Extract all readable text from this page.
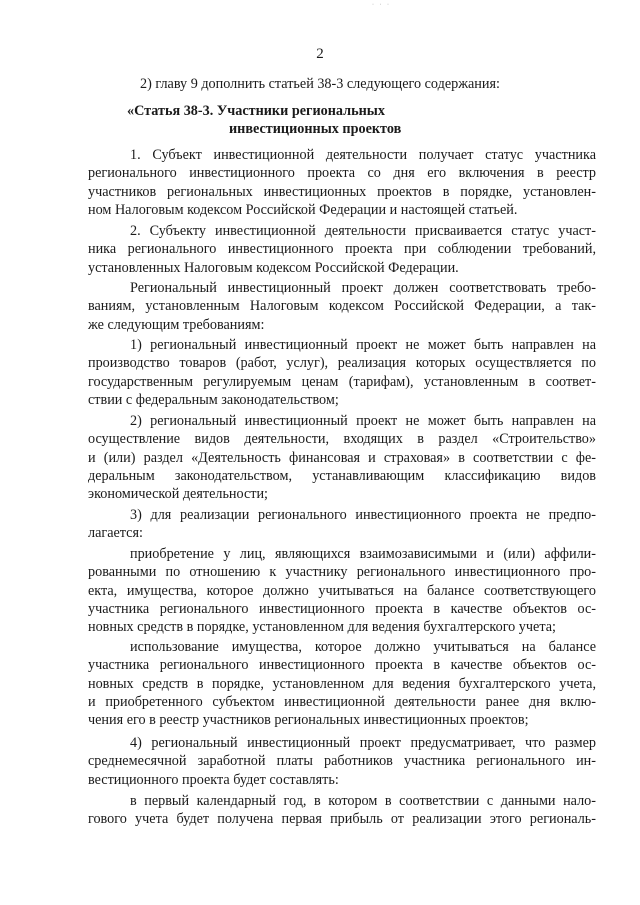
· · ·
2
2) главу 9 дополнить статьей 38-3 следующего содержания:
«Статья 38-3. Участники региональных
инвестиционных проектов
1. Субъект инвестиционной деятельности получает статус участника
регионального инвестиционного проекта со дня его включения в реестр
участников региональных инвестиционных проектов в порядке, установлен-
ном Налоговым кодексом Российской Федерации и настоящей статьей.
2. Субъекту инвестиционной деятельности присваивается статус участ-
ника регионального инвестиционного проекта при соблюдении требований,
установленных Налоговым кодексом Российской Федерации.
Региональный инвестиционный проект должен соответствовать требо-
ваниям, установленным Налоговым кодексом Российской Федерации, а так-
же следующим требованиям:
1) региональный инвестиционный проект не может быть направлен на
производство товаров (работ, услуг), реализация которых осуществляется по
государственным регулируемым ценам (тарифам), установленным в соответ-
ствии с федеральным законодательством;
2) региональный инвестиционный проект не может быть направлен на
осуществление видов деятельности, входящих в раздел «Строительство»
и (или) раздел «Деятельность финансовая и страховая» в соответствии с фе-
деральным законодательством, устанавливающим классификацию видов
экономической деятельности;
3) для реализации регионального инвестиционного проекта не предпо-
лагается:
приобретение у лиц, являющихся взаимозависимыми и (или) аффили-
рованными по отношению к участнику регионального инвестиционного про-
екта, имущества, которое должно учитываться на балансе соответствующего
участника регионального инвестиционного проекта в качестве объектов ос-
новных средств в порядке, установленном для ведения бухгалтерского учета;
использование имущества, которое должно учитываться на балансе
участника регионального инвестиционного проекта в качестве объектов ос-
новных средств в порядке, установленном для ведения бухгалтерского учета,
и приобретенного субъектом инвестиционной деятельности ранее дня вклю-
чения его в реестр участников региональных инвестиционных проектов;
4) региональный инвестиционный проект предусматривает, что размер
среднемесячной заработной платы работников участника регионального ин-
вестиционного проекта будет составлять:
в первый календарный год, в котором в соответствии с данными нало-
гового учета будет получена первая прибыль от реализации этого региональ-
